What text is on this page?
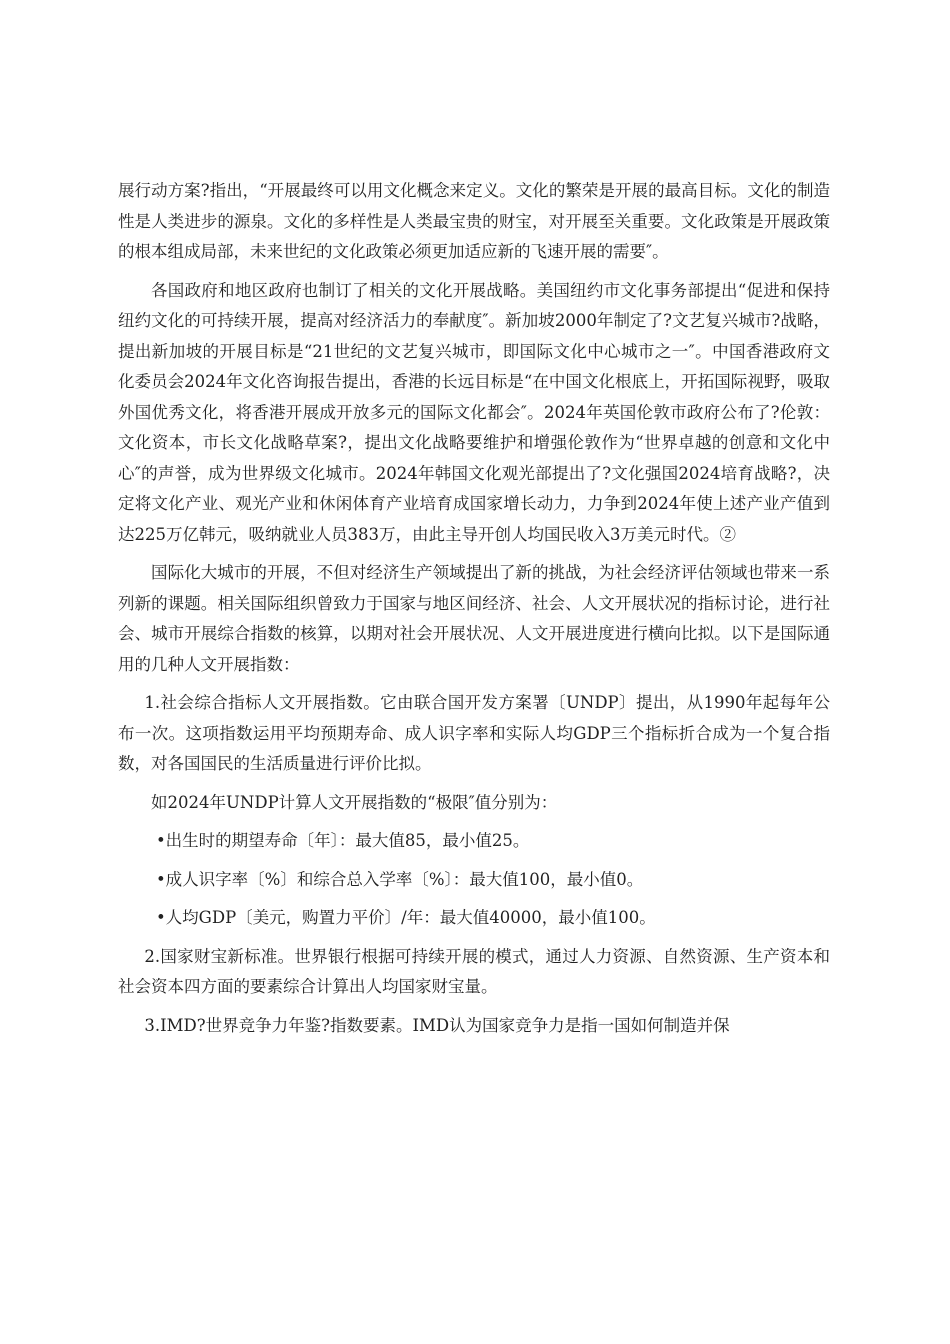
展行动方案?指出，“开展最终可以用文化概念来定义。文化的繁荣是开展的最高目标。文化的制造性是人类进步的源泉。文化的多样性是人类最宝贵的财宝，对开展至关重要。文化政策是开展政策的根本组成局部，未来世纪的文化政策必须更加适应新的飞速开展的需要″。

各国政府和地区政府也制订了相关的文化开展战略。美国纽约市文化事务部提出“促进和保持纽约文化的可持续开展，提高对经济活力的奉献度″。新加坡2000年制定了?文艺复兴城市?战略，提出新加坡的开展目标是“21世纪的文艺复兴城市，即国际文化中心城市之一″。中国香港政府文化委员会2024年文化咨询报告提出，香港的长远目标是“在中国文化根底上，开拓国际视野，吸取外国优秀文化，将香港开展成开放多元的国际文化都会″。2024年英国伦敦市政府公布了?伦敦：文化资本，市长文化战略草案?，提出文化战略要维护和增强伦敦作为“世界卓越的创意和文化中心″的声誉，成为世界级文化城市。2024年韩国文化观光部提出了?文化强国2024培育战略?，决定将文化产业、观光产业和休闲体育产业培育成国家增长动力，力争到2024年使上述产业产值到达225万亿韩元，吸纳就业人员383万，由此主导开创人均国民收入3万美元时代。②

国际化大城市的开展，不但对经济生产领域提出了新的挑战，为社会经济评估领域也带来一系列新的课题。相关国际组织曾致力于国家与地区间经济、社会、人文开展状况的指标讨论，进行社会、城市开展综合指数的核算，以期对社会开展状况、人文开展进度进行横向比拟。以下是国际通用的几种人文开展指数：

1.社会综合指标人文开展指数。它由联合国开发方案署〔UNDP〕提出，从1990年起每年公布一次。这项指数运用平均预期寿命、成人识字率和实际人均GDP三个指标折合成为一个复合指数，对各国国民的生活质量进行评价比拟。

如2024年UNDP计算人文开展指数的“极限″值分别为：

•出生时的期望寿命〔年〕：最大值85，最小值25。

•成人识字率〔%〕和综合总入学率〔%〕：最大值100，最小值0。

•人均GDP〔美元，购置力平价〕/年：最大值40000，最小值100。

2.国家财宝新标准。世界银行根据可持续开展的模式，通过人力资源、自然资源、生产资本和社会资本四方面的要素综合计算出人均国家财宝量。

3.IMD?世界竞争力年鉴?指数要素。IMD认为国家竞争力是指一国如何制造并保
